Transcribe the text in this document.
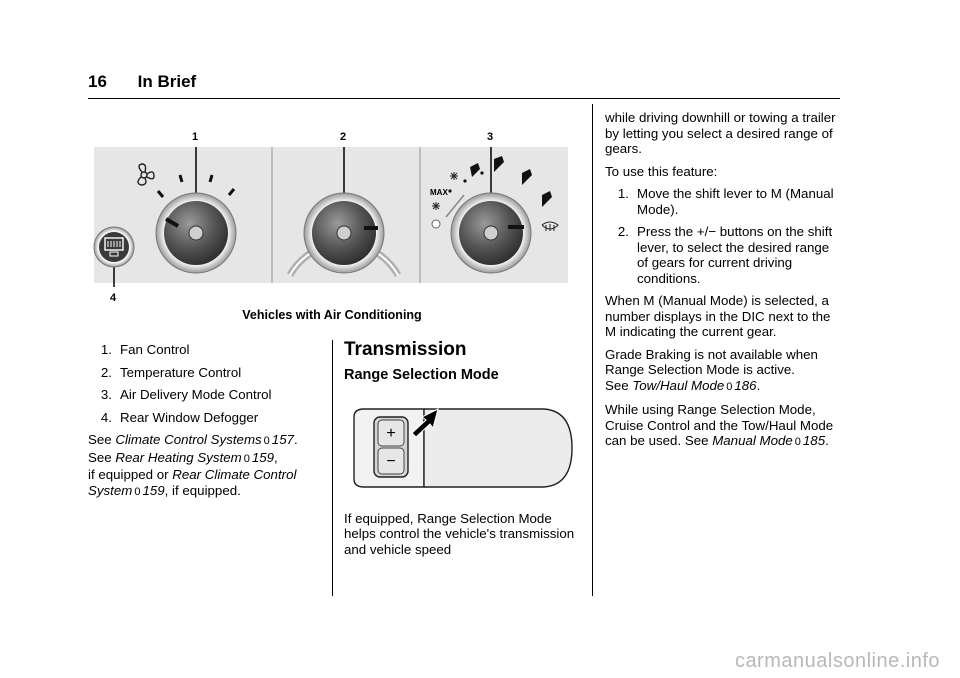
16 In Brief
1	2	3
4
MAX
Vehicles with Air Conditioning
1. Fan Control
2. Temperature Control
3. Air Delivery Mode Control
4. Rear Window Defogger
See Climate Control Systems 0 157.
See Rear Heating System 0 159,
if equipped or Rear Climate Control
System 0 159, if equipped.
Transmission
Range Selection Mode
+
−

If equipped, Range Selection Mode helps control the vehicle's transmission and vehicle speed

while driving downhill or towing a trailer by letting you select a desired range of gears.

To use this feature:

1. Move the shift lever to M (Manual Mode).
2. Press the +/− buttons on the shift lever, to select the desired range of gears for current driving conditions.

When M (Manual Mode) is selected, a number displays in the DIC next to the M indicating the current gear.

Grade Braking is not available when Range Selection Mode is active.
See Tow/Haul Mode 0 186.

While using Range Selection Mode, Cruise Control and the Tow/Haul Mode can be used. See Manual Mode 0 185.

carmanualsonline.info
